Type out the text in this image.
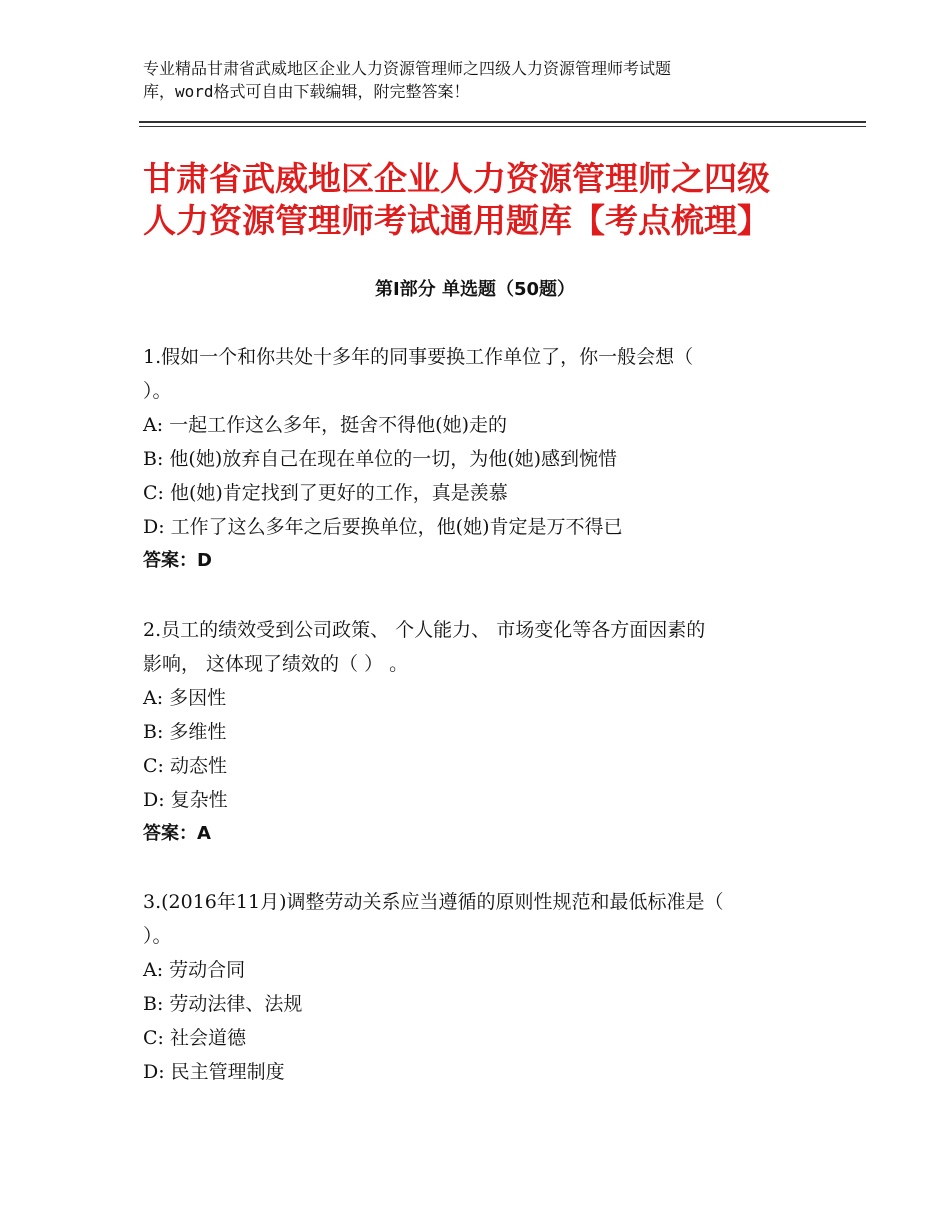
专业精品甘肃省武威地区企业人力资源管理师之四级人力资源管理师考试题
库，word格式可自由下载编辑，附完整答案！
甘肃省武威地区企业人力资源管理师之四级
人力资源管理师考试通用题库【考点梳理】
第Ⅰ部分 单选题（50题）
1.假如一个和你共处十多年的同事要换工作单位了，你一般会想（
）。
A: 一起工作这么多年，挺舍不得他(她)走的
B: 他(她)放弃自己在现在单位的一切，为他(她)感到惋惜
C: 他(她)肯定找到了更好的工作，真是羡慕
D: 工作了这么多年之后要换单位，他(她)肯定是万不得已
答案：D
2.员工的绩效受到公司政策、 个人能力、 市场变化等各方面因素的
影响， 这体现了绩效的（ ） 。
A: 多因性
B: 多维性
C: 动态性
D: 复杂性
答案：A
3.(2016年11月)调整劳动关系应当遵循的原则性规范和最低标准是（
）。
A: 劳动合同
B: 劳动法律、法规
C: 社会道德
D: 民主管理制度
